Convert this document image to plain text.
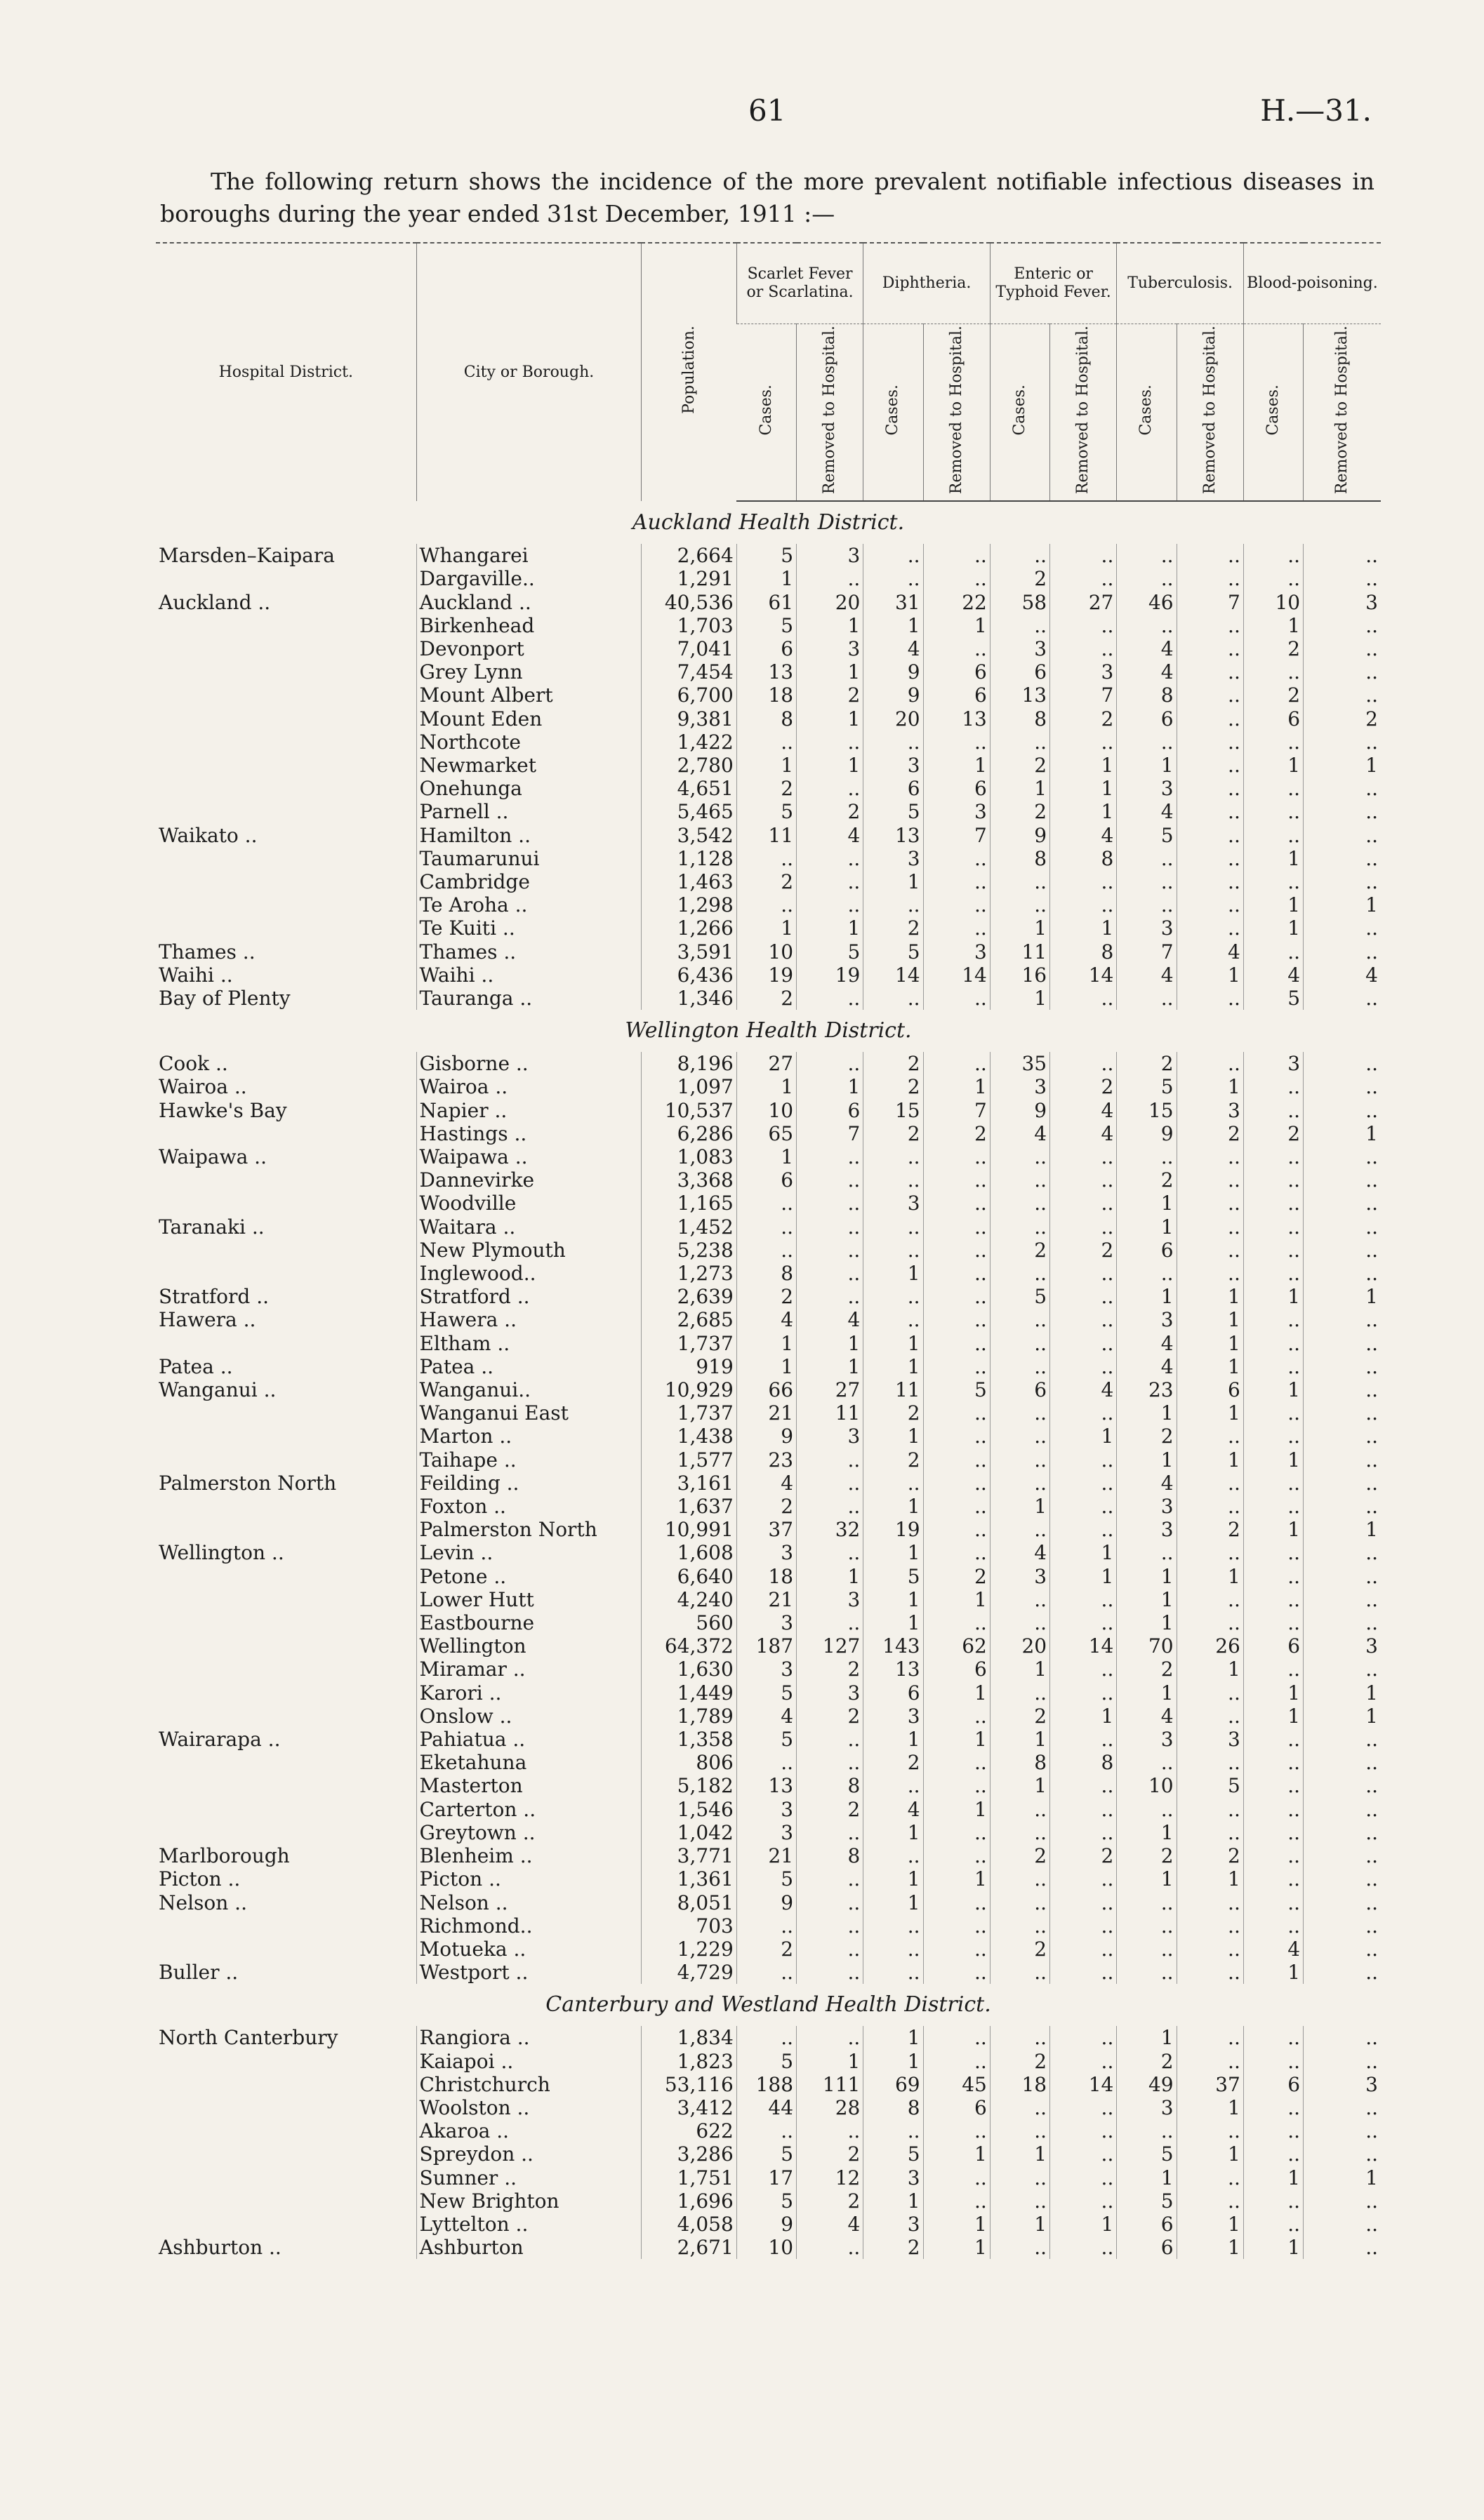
61	H.—31.
The following return shows the incidence of the more prevalent notifiable infectious diseases in boroughs during the year ended 31st December, 1911 :—
Hospital District.	City or Borough.	Population.	Scarlet Fever or Scarlatina.		Diphtheria.		Enteric or Typhoid Fever.		Tuberculosis.		Blood-poisoning.	
			Cases.	Removed to Hospital.	Cases.	Removed to Hospital.	Cases.	Removed to Hospital.	Cases.	Removed to Hospital.	Cases.	Removed to Hospital.
Auckland Health District.												
Marsden–Kaipara	Whangarei	2,664	5	3	..	..	..	..	..	..	..	..
	Dargaville..	1,291	1	..	..	..	2	..	..	..	..	..
Auckland ..	Auckland ..	40,536	61	20	31	22	58	27	46	7	10	3
	Birkenhead	1,703	5	1	1	1	..	..	..	..	1	..
	Devonport	7,041	6	3	4	..	3	..	4	..	2	..
	Grey Lynn	7,454	13	1	9	6	6	3	4	..	..	..
	Mount Albert	6,700	18	2	9	6	13	7	8	..	2	..
	Mount Eden	9,381	8	1	20	13	8	2	6	..	6	2
	Northcote	1,422	..	..	..	..	..	..	..	..	..	..
	Newmarket	2,780	1	1	3	1	2	1	1	..	1	1
	Onehunga	4,651	2	..	6	6	1	1	3	..	..	..
	Parnell ..	5,465	5	2	5	3	2	1	4	..	..	..
Waikato ..	Hamilton ..	3,542	11	4	13	7	9	4	5	..	..	..
	Taumarunui	1,128	..	..	3	..	8	8	..	..	1	..
	Cambridge	1,463	2	..	1	..	..	..	..	..	..	..
	Te Aroha ..	1,298	..	..	..	..	..	..	..	..	1	1
	Te Kuiti ..	1,266	1	1	2	..	1	1	3	..	1	..
Thames ..	Thames ..	3,591	10	5	5	3	11	8	7	4	..	..
Waihi ..	Waihi ..	6,436	19	19	14	14	16	14	4	1	4	4
Bay of Plenty	Tauranga ..	1,346	2	..	..	..	1	..	..	..	5	..
Wellington Health District.												
Cook ..	Gisborne ..	8,196	27	..	2	..	35	..	2	..	3	..
Wairoa ..	Wairoa ..	1,097	1	1	2	1	3	2	5	1	..	..
Hawke's Bay	Napier ..	10,537	10	6	15	7	9	4	15	3	..	..
	Hastings ..	6,286	65	7	2	2	4	4	9	2	2	1
Waipawa ..	Waipawa ..	1,083	1	..	..	..	..	..	..	..	..	..
	Dannevirke	3,368	6	..	..	..	..	..	2	..	..	..
	Woodville	1,165	..	..	3	..	..	..	1	..	..	..
Taranaki ..	Waitara ..	1,452	..	..	..	..	..	..	1	..	..	..
	New Plymouth	5,238	..	..	..	..	2	2	6	..	..	..
	Inglewood..	1,273	8	..	1	..	..	..	..	..	..	..
Stratford ..	Stratford ..	2,639	2	..	..	..	5	..	1	1	1	1
Hawera ..	Hawera ..	2,685	4	4	..	..	..	..	3	1	..	..
	Eltham ..	1,737	1	1	1	..	..	..	4	1	..	..
Patea ..	Patea ..	919	1	1	1	..	..	..	4	1	..	..
Wanganui ..	Wanganui..	10,929	66	27	11	5	6	4	23	6	1	..
	Wanganui East	1,737	21	11	2	..	..	..	1	1	..	..
	Marton ..	1,438	9	3	1	..	..	1	2	..	..	..
	Taihape ..	1,577	23	..	2	..	..	..	1	1	1	..
Palmerston North	Feilding ..	3,161	4	..	..	..	..	..	4	..	..	..
	Foxton ..	1,637	2	..	1	..	1	..	3	..	..	..
	Palmerston North	10,991	37	32	19	..	..	..	3	2	1	1
Wellington ..	Levin ..	1,608	3	..	1	..	4	1	..	..	..	..
	Petone ..	6,640	18	1	5	2	3	1	1	1	..	..
	Lower Hutt	4,240	21	3	1	1	..	..	1	..	..	..
	Eastbourne	560	3	..	1	..	..	..	1	..	..	..
	Wellington	64,372	187	127	143	62	20	14	70	26	6	3
	Miramar ..	1,630	3	2	13	6	1	..	2	1	..	..
	Karori ..	1,449	5	3	6	1	..	..	1	..	1	1
	Onslow ..	1,789	4	2	3	..	2	1	4	..	1	1
Wairarapa ..	Pahiatua ..	1,358	5	..	1	1	1	..	3	3	..	..
	Eketahuna	806	..	..	2	..	8	8	..	..	..	..
	Masterton	5,182	13	8	..	..	1	..	10	5	..	..
	Carterton ..	1,546	3	2	4	1	..	..	..	..	..	..
	Greytown ..	1,042	3	..	1	..	..	..	1	..	..	..
Marlborough	Blenheim ..	3,771	21	8	..	..	2	2	2	2	..	..
Picton ..	Picton ..	1,361	5	..	1	1	..	..	1	1	..	..
Nelson ..	Nelson ..	8,051	9	..	1	..	..	..	..	..	..	..
	Richmond..	703	..	..	..	..	..	..	..	..	..	..
	Motueka ..	1,229	2	..	..	..	2	..	..	..	4	..
Buller ..	Westport ..	4,729	..	..	..	..	..	..	..	..	1	..
Canterbury and Westland Health District.												
North Canterbury	Rangiora ..	1,834	..	..	1	..	..	..	1	..	..	..
	Kaiapoi ..	1,823	5	1	1	..	2	..	2	..	..	..
	Christchurch	53,116	188	111	69	45	18	14	49	37	6	3
	Woolston ..	3,412	44	28	8	6	..	..	3	1	..	..
	Akaroa ..	622	..	..	..	..	..	..	..	..	..	..
	Spreydon ..	3,286	5	2	5	1	1	..	5	1	..	..
	Sumner ..	1,751	17	12	3	..	..	..	1	..	1	1
	New Brighton	1,696	5	2	1	..	..	..	5	..	..	..
	Lyttelton ..	4,058	9	4	3	1	1	1	6	1	..	..
Ashburton ..	Ashburton	2,671	10	..	2	1	..	..	6	1	1	..
